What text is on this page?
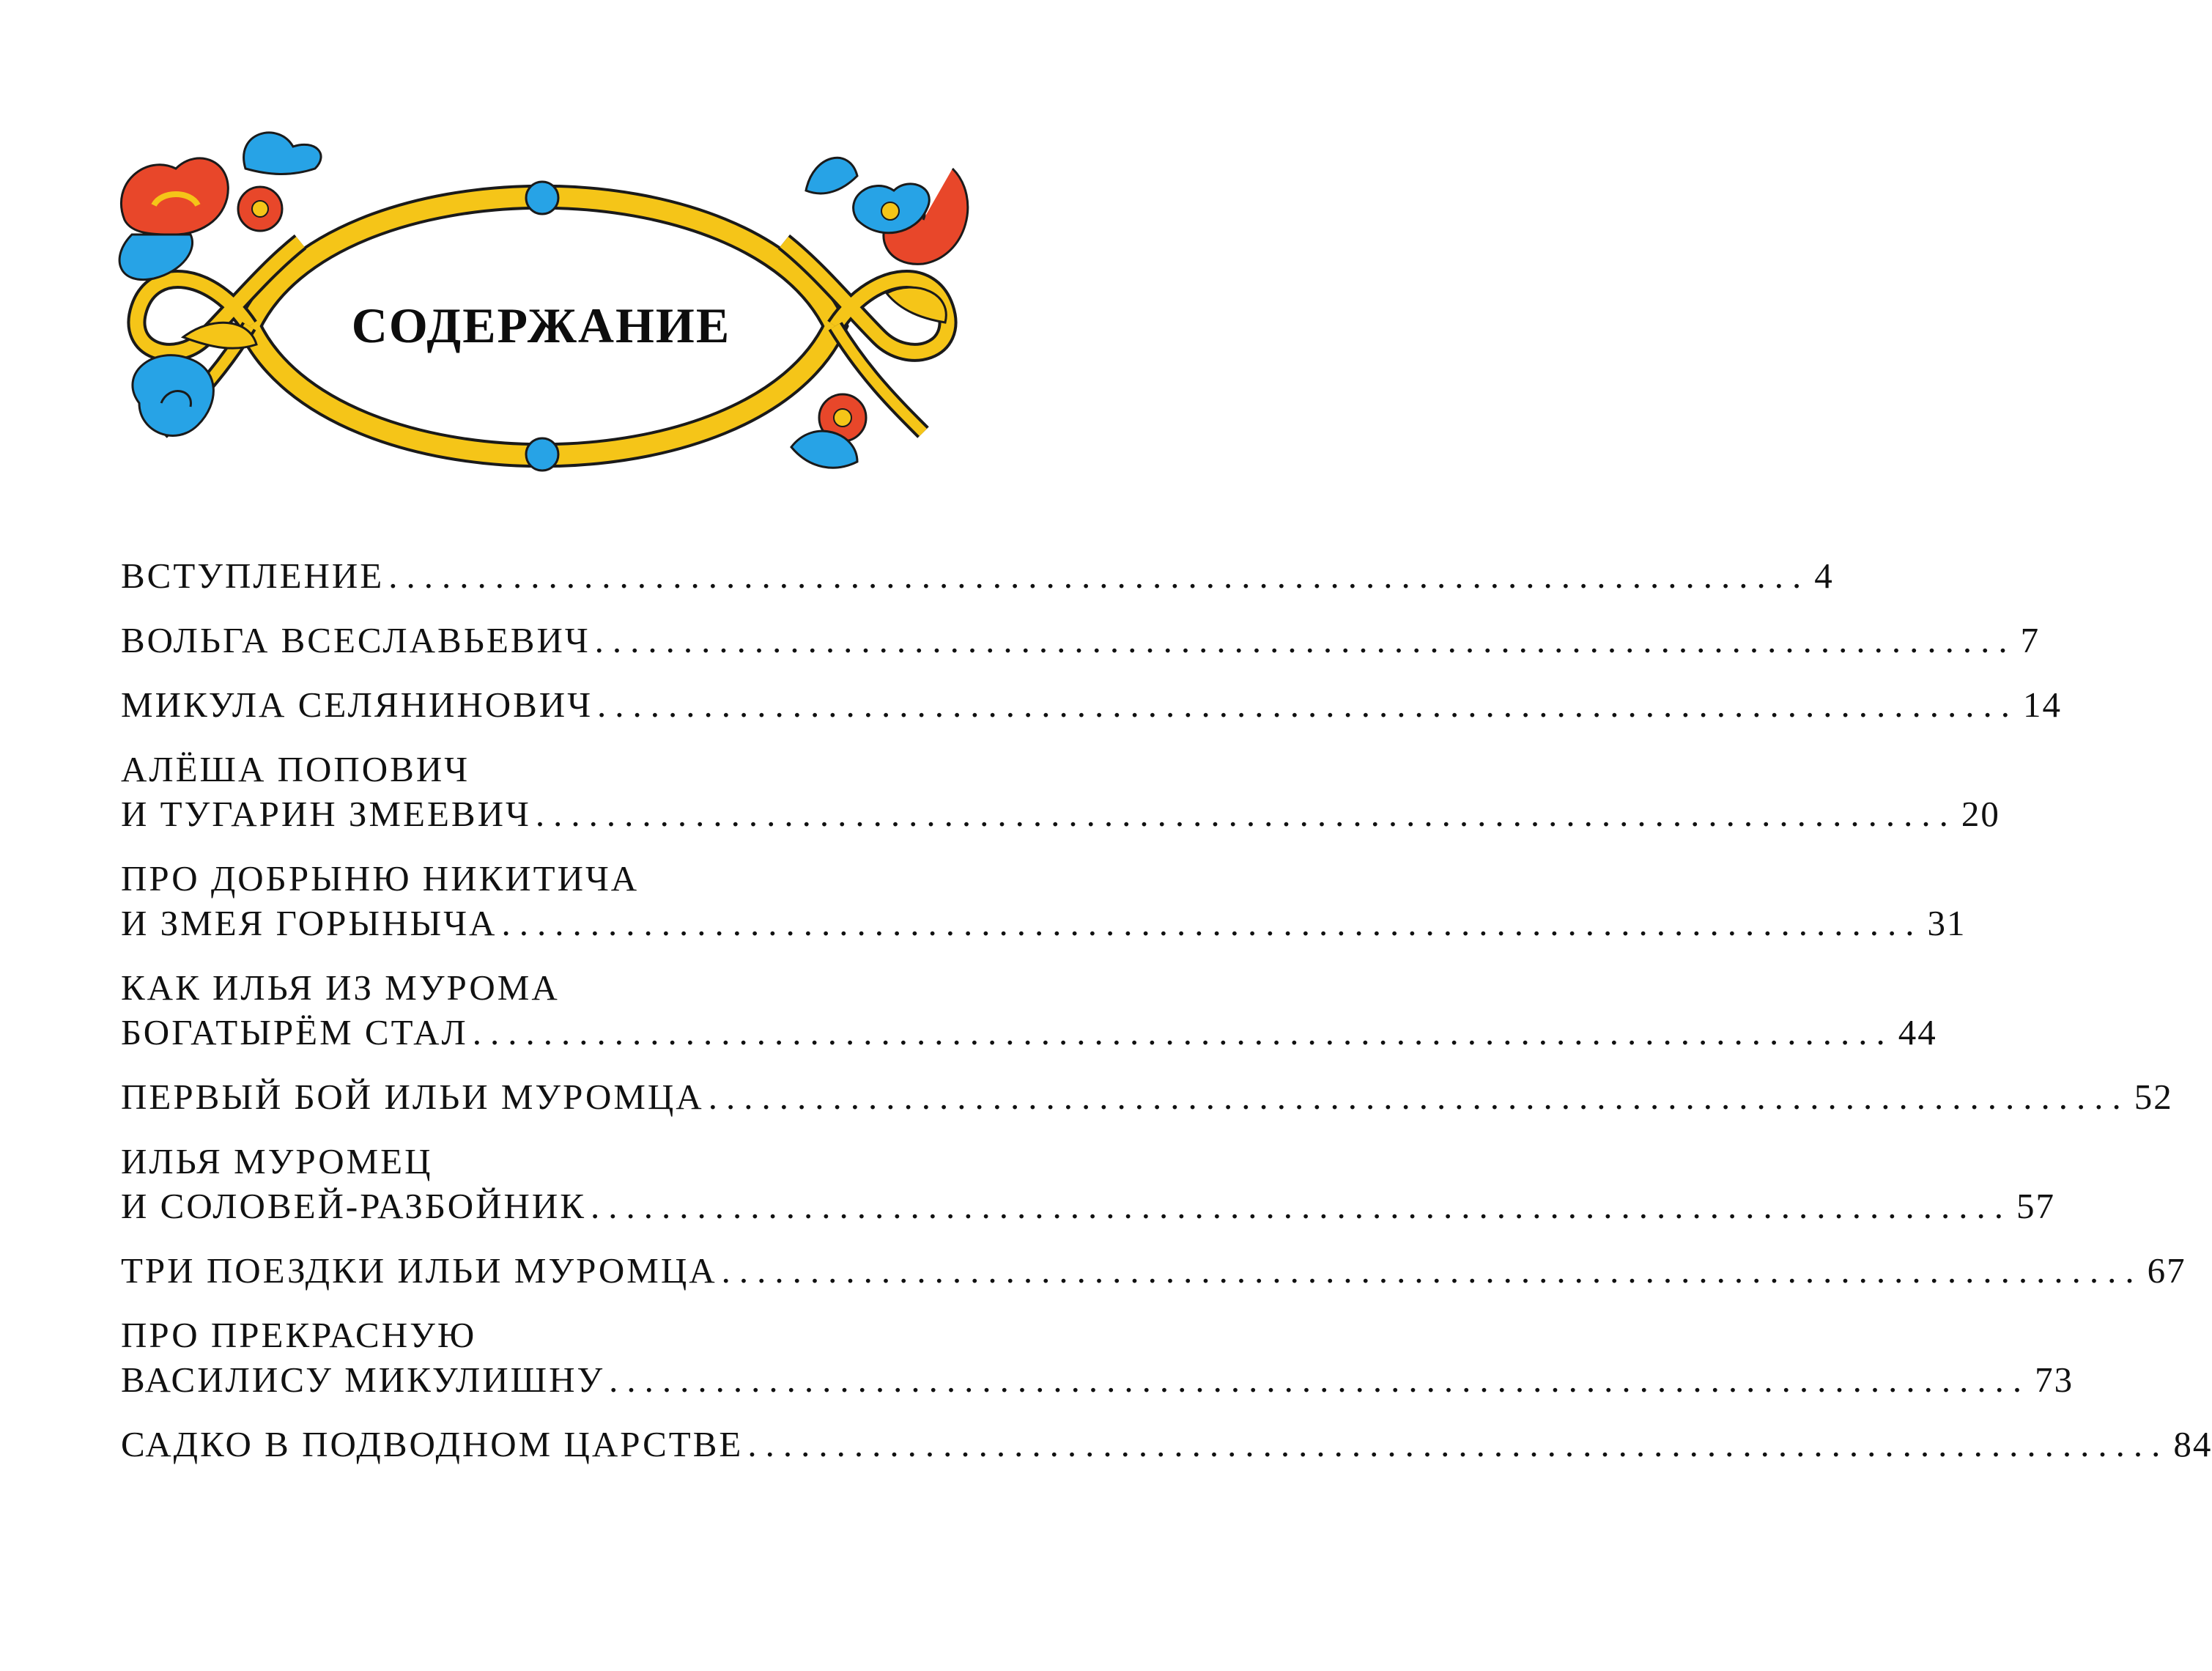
СОДЕРЖАНИЕ
ВСТУПЛЕНИЕ ................................................................................ 4
ВОЛЬГА ВСЕСЛАВЬЕВИЧ ................................................................................ 7
МИКУЛА СЕЛЯНИНОВИЧ ................................................................................ 14
АЛЁША ПОПОВИЧ
И ТУГАРИН ЗМЕЕВИЧ ................................................................................ 20
ПРО ДОБРЫНЮ НИКИТИЧА
И ЗМЕЯ ГОРЫНЫЧА ................................................................................ 31
КАК ИЛЬЯ ИЗ МУРОМА
БОГАТЫРЁМ СТАЛ ................................................................................ 44
ПЕРВЫЙ БОЙ ИЛЬИ МУРОМЦА ................................................................................ 52
ИЛЬЯ МУРОМЕЦ
И СОЛОВЕЙ-РАЗБОЙНИК ................................................................................ 57
ТРИ ПОЕЗДКИ ИЛЬИ МУРОМЦА ................................................................................ 67
ПРО ПРЕКРАСНУЮ
ВАСИЛИСУ МИКУЛИШНУ ................................................................................ 73
САДКО В ПОДВОДНОМ ЦАРСТВЕ ................................................................................ 84
